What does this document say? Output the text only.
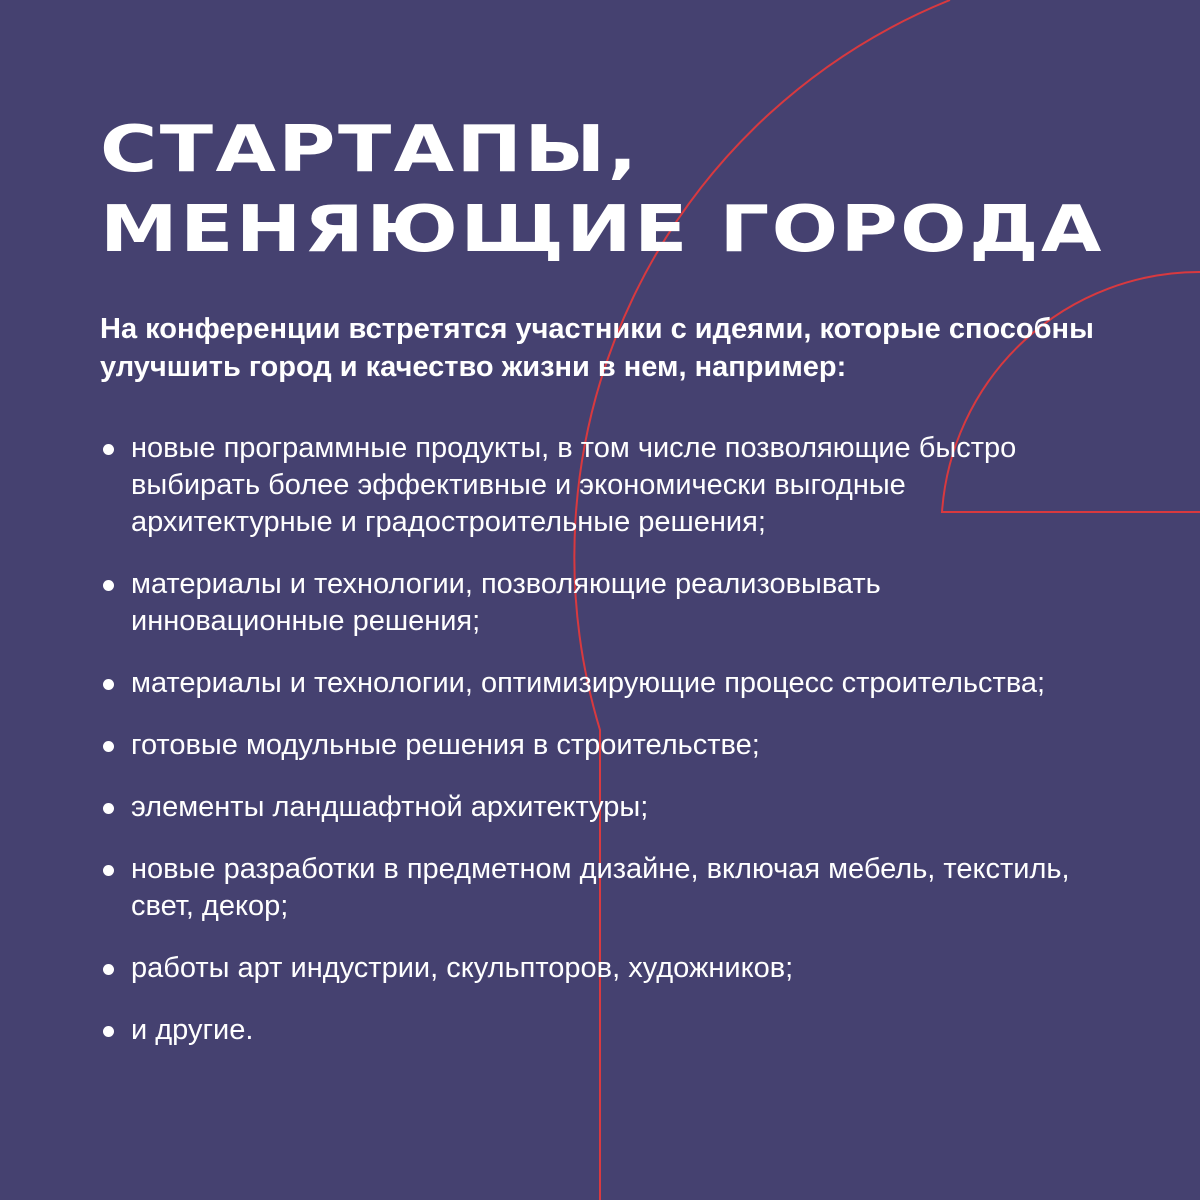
СТАРТАПЫ,
МЕНЯЮЩИЕ ГОРОДА

На конференции встретятся участники с идеями, которые способны улучшить город и качество жизни в нем, например:

новые программные продукты, в том числе позволяющие быстро выбирать более эффективные и экономически выгодные архитектурные и градостроительные решения;
материалы и технологии, позволяющие реализовывать инновационные решения;
материалы и технологии, оптимизирующие процесс строительства;
готовые модульные решения в строительстве;
элементы ландшафтной архитектуры;
новые разработки в предметном дизайне, включая мебель, текстиль, свет, декор;
работы арт индустрии, скульпторов, художников;
и другие.
